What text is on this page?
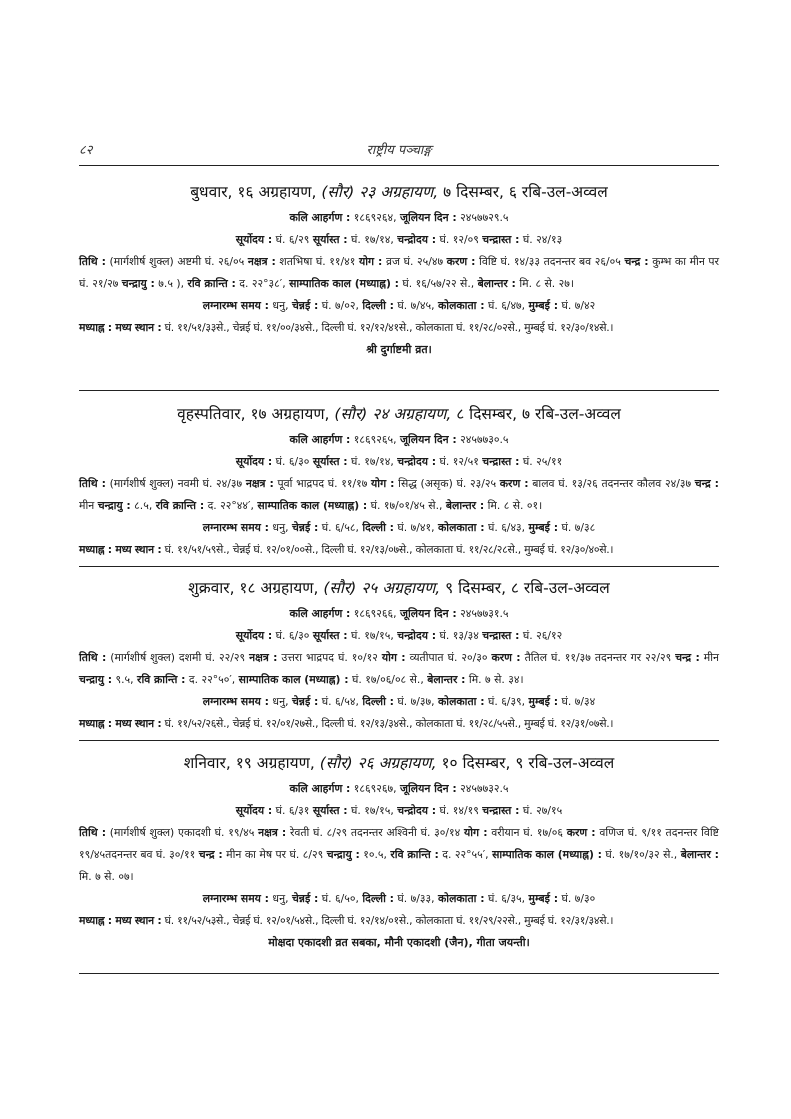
८२	राष्ट्रीय पञ्चाङ्ग
बुधवार, १६ अग्रहायण, (सौर) २३ अग्रहायण, ७ दिसम्बर, ६ रबि-उल-अव्वल
कलि आहर्गण : १८६९२६४, जूलियन दिन : २४५७७२९.५
सूर्योदय : घं. ६/२९ सूर्यास्त : घं. १७/१४, चन्द्रोदय : घं. १२/०९ चन्द्रास्त : घं. २४/१३
तिथि : (मार्गशीर्ष शुक्ल) अष्टमी घं. २६/०५ नक्षत्र : शतभिषा घं. ११/४१ योग : व्रज घं. २५/४७ करण : विष्टि घं. १४/३३ तदनन्तर बव २६/०५ चन्द्र : कुम्भ का मीन पर घं. २१/२७ चन्द्रायु : ७.५ ), रवि क्रान्ति : द. २२°३८′, साम्पातिक काल (मध्याह्न) : घं. १६/५७/२२ से., बेलान्तर : मि. ८ से. २७।
लग्नारम्भ समय : धनु, चेन्नई : घं. ७/०२, दिल्ली : घं. ७/४५, कोलकाता : घं. ६/४७, मुम्बई : घं. ७/४२
मध्याह्न : मध्य स्थान : घं. ११/५१/३३से., चेन्नई घं. ११/००/३४से., दिल्ली घं. १२/१२/४१से., कोलकाता घं. ११/२८/०२से., मुम्बई घं. १२/३०/१४से.।
श्री दुर्गाष्टमी व्रत।
वृहस्पतिवार, १७ अग्रहायण, (सौर) २४ अग्रहायण, ८ दिसम्बर, ७ रबि-उल-अव्वल
कलि आहर्गण : १८६९२६५, जूलियन दिन : २४५७७३०.५
सूर्योदय : घं. ६/३० सूर्यास्त : घं. १७/१४, चन्द्रोदय : घं. १२/५१ चन्द्रास्त : घं. २५/११
तिथि : (मार्गशीर्ष शुक्ल) नवमी घं. २४/३७ नक्षत्र : पूर्वा भाद्रपद घं. ११/१७ योग : सिद्ध (असृक) घं. २३/२५ करण : बालव घं. १३/२६ तदनन्तर कौलव २४/३७ चन्द्र : मीन चन्द्रायु : ८.५, रवि क्रान्ति : द. २२°४४′, साम्पातिक काल (मध्याह्न) : घं. १७/०१/४५ से., बेलान्तर : मि. ८ से. ०१।
लग्नारम्भ समय : धनु, चेन्नई : घं. ६/५८, दिल्ली : घं. ७/४१, कोलकाता : घं. ६/४३, मुम्बई : घं. ७/३८
मध्याह्न : मध्य स्थान : घं. ११/५१/५९से., चेन्नई घं. १२/०१/००से., दिल्ली घं. १२/१३/०७से., कोलकाता घं. ११/२८/२८से., मुम्बई घं. १२/३०/४०से.।
शुक्रवार, १८ अग्रहायण, (सौर) २५ अग्रहायण, ९ दिसम्बर, ८ रबि-उल-अव्वल
कलि आहर्गण : १८६९२६६, जूलियन दिन : २४५७७३१.५
सूर्योदय : घं. ६/३० सूर्यास्त : घं. १७/१५, चन्द्रोदय : घं. १३/३४ चन्द्रास्त : घं. २६/१२
तिथि : (मार्गशीर्ष शुक्ल) दशमी घं. २२/२९ नक्षत्र : उत्तरा भाद्रपद घं. १०/१२ योग : व्यतीपात घं. २०/३० करण : तैतिल घं. ११/३७ तदनन्तर गर २२/२९ चन्द्र : मीन चन्द्रायु : ९.५, रवि क्रान्ति : द. २२°५०′, साम्पातिक काल (मध्याह्न) : घं. १७/०६/०८ से., बेलान्तर : मि. ७ से. ३४।
लग्नारम्भ समय : धनु, चेन्नई : घं. ६/५४, दिल्ली : घं. ७/३७, कोलकाता : घं. ६/३९, मुम्बई : घं. ७/३४
मध्याह्न : मध्य स्थान : घं. ११/५२/२६से., चेन्नई घं. १२/०१/२७से., दिल्ली घं. १२/१३/३४से., कोलकाता घं. ११/२८/५५से., मुम्बई घं. १२/३१/०७से.।
शनिवार, १९ अग्रहायण, (सौर) २६ अग्रहायण, १० दिसम्बर, ९ रबि-उल-अव्वल
कलि आहर्गण : १८६९२६७, जूलियन दिन : २४५७७३२.५
सूर्योदय : घं. ६/३१ सूर्यास्त : घं. १७/१५, चन्द्रोदय : घं. १४/१९ चन्द्रास्त : घं. २७/१५
तिथि : (मार्गशीर्ष शुक्ल) एकादशी घं. १९/४५ नक्षत्र : रेवती घं. ८/२९ तदनन्तर अश्विनी घं. ३०/१४ योग : वरीयान घं. १७/०६ करण : वणिज घं. ९/११ तदनन्तर विष्टि १९/४५तदनन्तर बव घं. ३०/११ चन्द्र : मीन का मेष पर घं. ८/२९ चन्द्रायु : १०.५, रवि क्रान्ति : द. २२°५५′, साम्पातिक काल (मध्याह्न) : घं. १७/१०/३२ से., बेलान्तर : मि. ७ से. ०७।
लग्नारम्भ समय : धनु, चेन्नई : घं. ६/५०, दिल्ली : घं. ७/३३, कोलकाता : घं. ६/३५, मुम्बई : घं. ७/३०
मध्याह्न : मध्य स्थान : घं. ११/५२/५३से., चेन्नई घं. १२/०१/५४से., दिल्ली घं. १२/१४/०१से., कोलकाता घं. ११/२९/२२से., मुम्बई घं. १२/३१/३४से.।
मोक्षदा एकादशी व्रत सबका, मौनी एकादशी (जैन), गीता जयन्ती।
